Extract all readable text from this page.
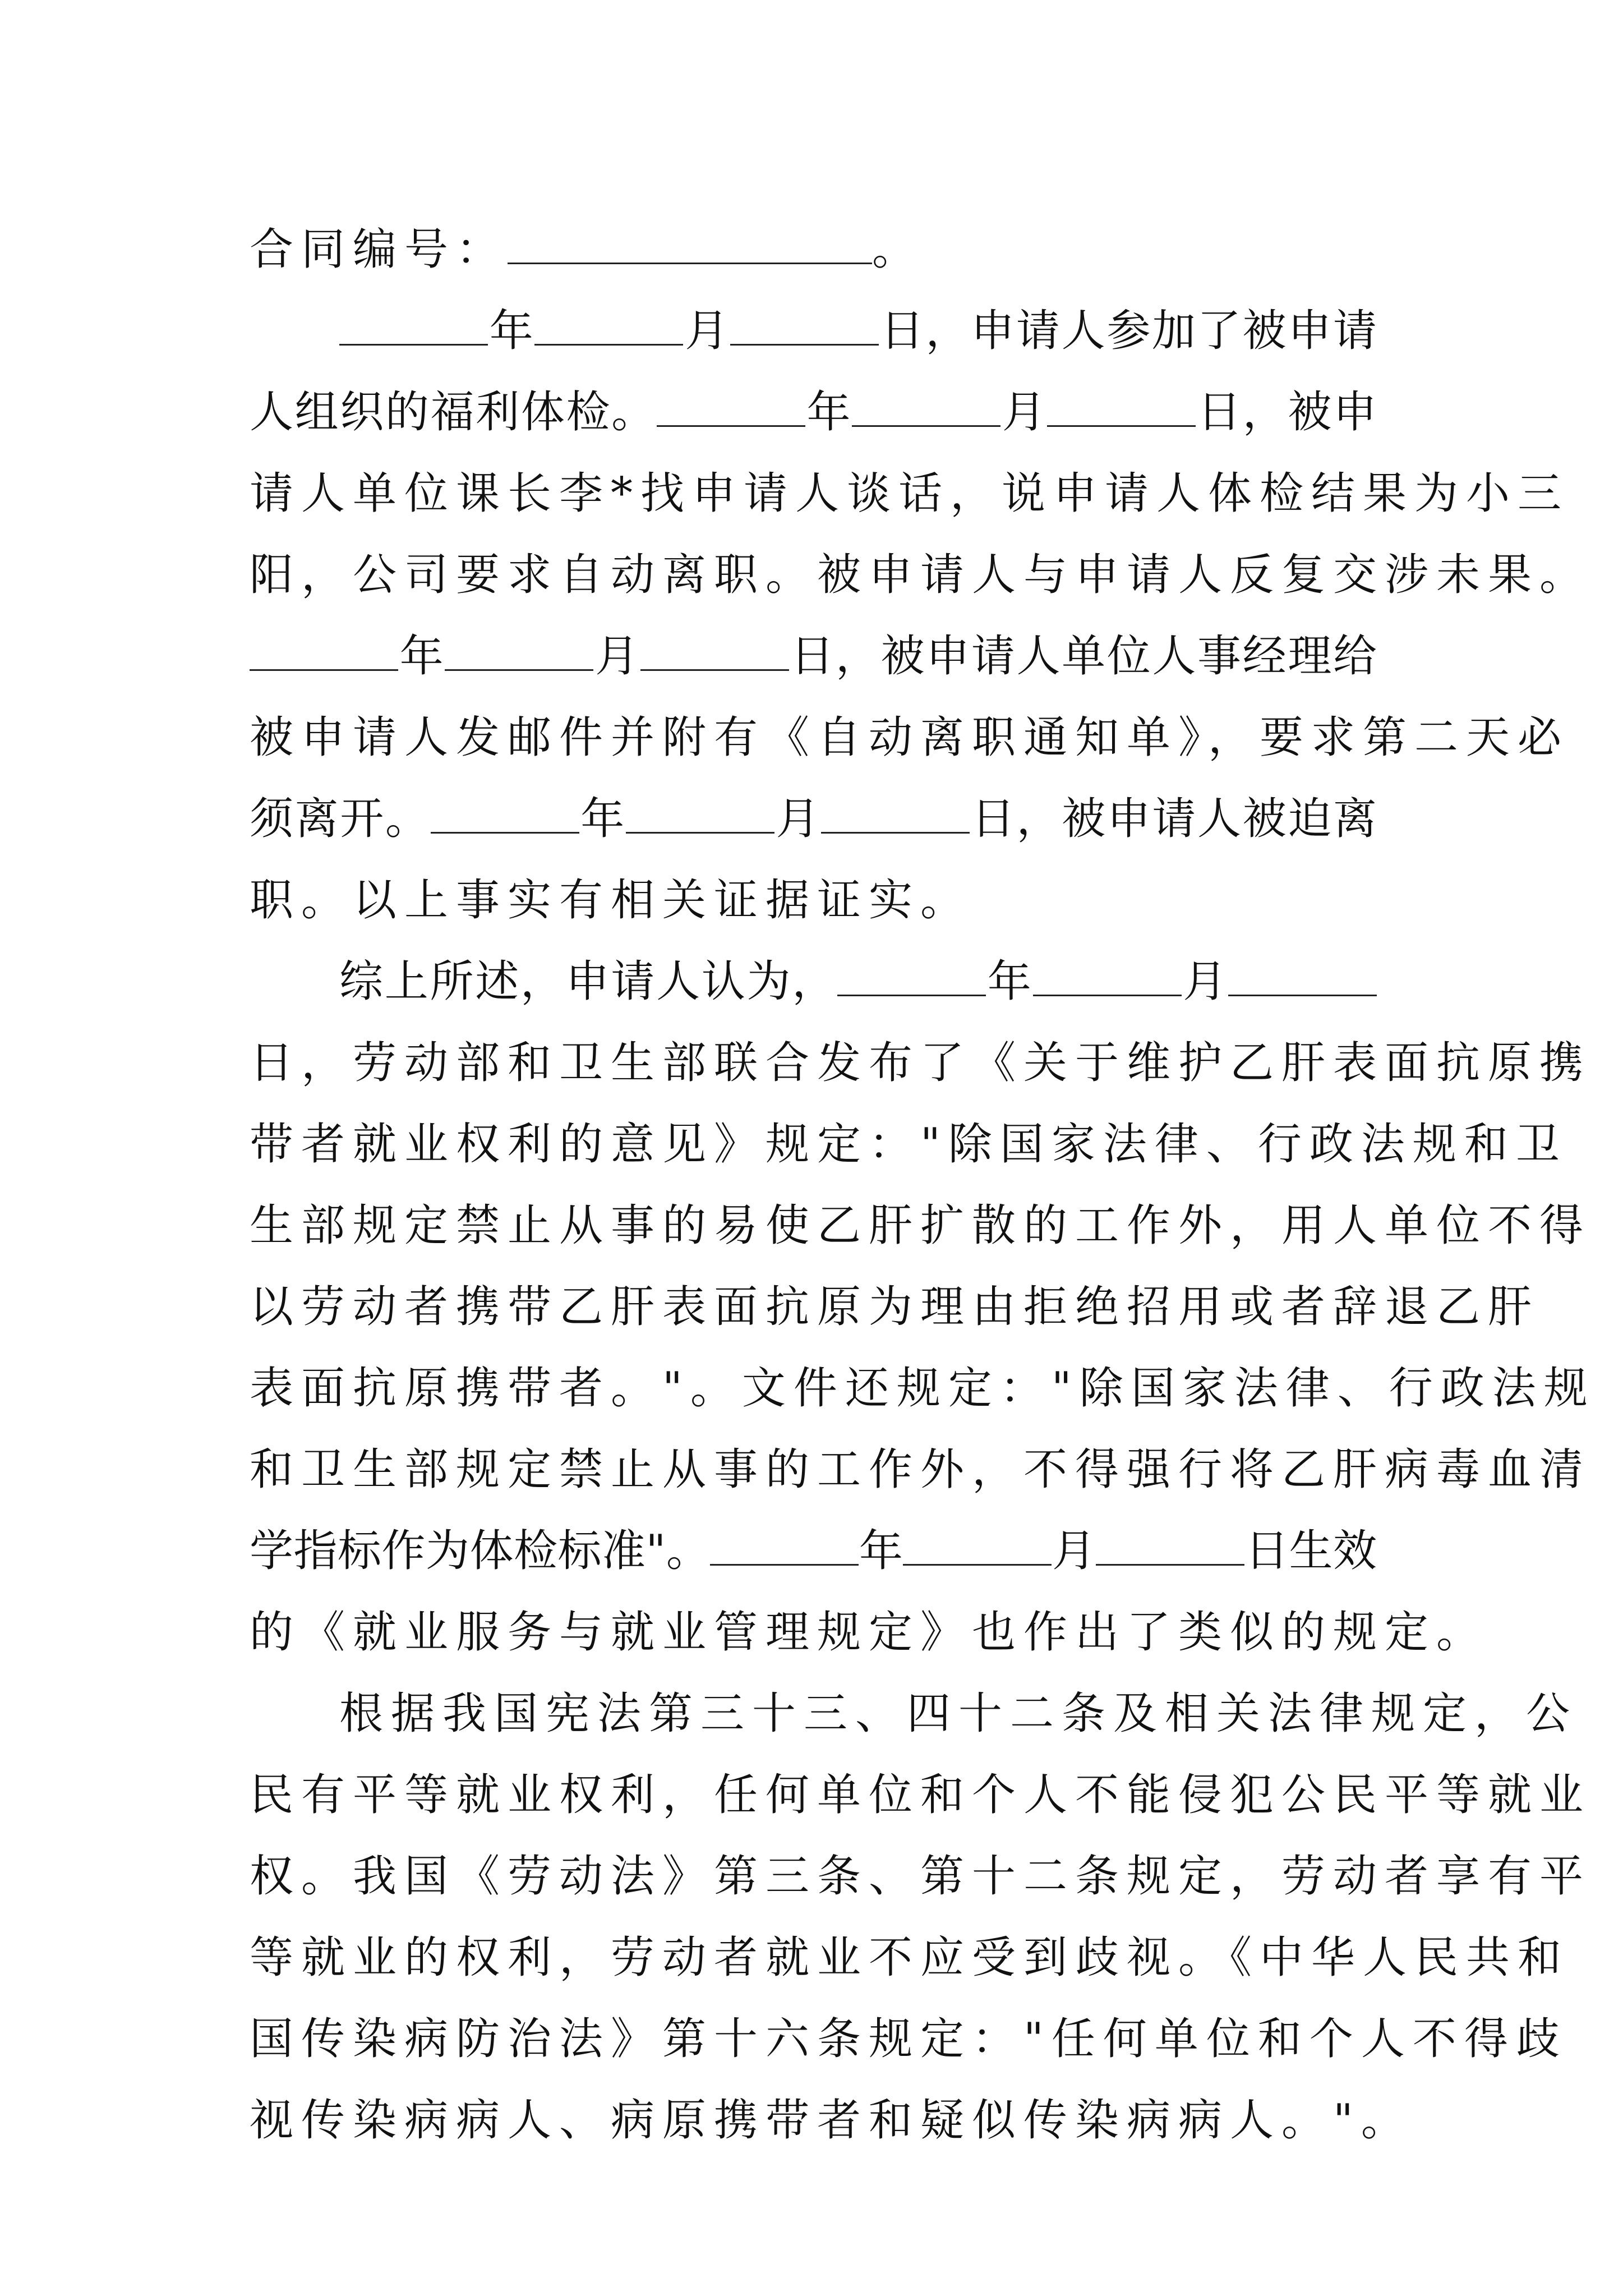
合同编号：	。
年	月	日，申请人参加了被申请
人组织的福利体检。	年	月	日，被申
请人单位课长李*找申请人谈话，说申请人体检结果为小三
阳，公司要求自动离职。被申请人与申请人反复交涉未果。
年	月	日，被申请人单位人事经理给
被申请人发邮件并附有《自动离职通知单》，要求第二天必
须离开。	年	月	日，被申请人被迫离
职。以上事实有相关证据证实。
综上所述，申请人认为，	年	月
日，劳动部和卫生部联合发布了《关于维护乙肝表面抗原携
带者就业权利的意见》规定："除国家法律、行政法规和卫
生部规定禁止从事的易使乙肝扩散的工作外，用人单位不得
以劳动者携带乙肝表面抗原为理由拒绝招用或者辞退乙肝
表面抗原携带者。"。文件还规定："除国家法律、行政法规
和卫生部规定禁止从事的工作外，不得强行将乙肝病毒血清
学指标作为体检标准"。	年	月	日生效
的《就业服务与就业管理规定》也作出了类似的规定。
根据我国宪法第三十三、四十二条及相关法律规定，公
民有平等就业权利，任何单位和个人不能侵犯公民平等就业
权。我国《劳动法》第三条、第十二条规定，劳动者享有平
等就业的权利，劳动者就业不应受到歧视。《中华人民共和
国传染病防治法》第十六条规定："任何单位和个人不得歧
视传染病病人、病原携带者和疑似传染病病人。"。
